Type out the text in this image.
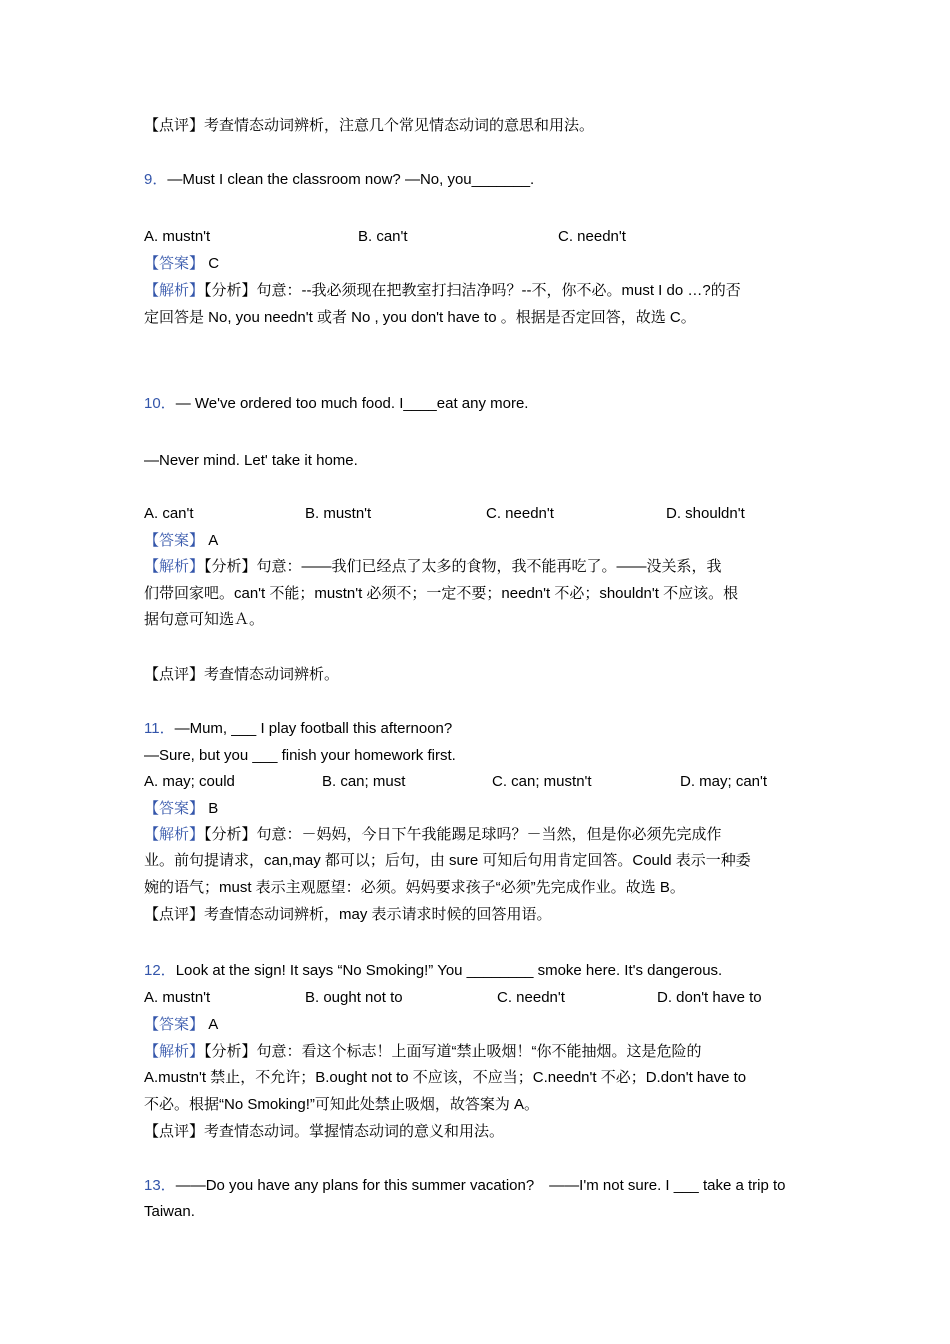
【点评】考查情态动词辨析，注意几个常见情态动词的意思和用法。
9．—Must I clean the classroom now? —No, you_______.
A. mustn't	B. can't	C. needn't
【答案】 C
【解析】【分析】句意：--我必须现在把教室打扫洁净吗？--不，你不必。must I do …?的否
定回答是 No, you needn't 或者 No , you don't have to 。根据是否定回答，故选 C。
10．— We've ordered too much food. I____eat any more.
—Never mind. Let' take it home.
A. can't	B. mustn't	C. needn't	D. shouldn't
【答案】 A
【解析】【分析】句意：——我们已经点了太多的食物，我不能再吃了。——没关系，我
们带回家吧。can't 不能；mustn't 必须不；一定不要；needn't 不必；shouldn't 不应该。根
据句意可知选Ａ。
【点评】考查情态动词辨析。
11．—Mum, ___ I play football this afternoon?
—Sure, but you ___ finish your homework first.
A. may; could	B. can; must	C. can; mustn't	D. may; can't
【答案】 B
【解析】【分析】句意：－妈妈，今日下午我能踢足球吗？－当然，但是你必须先完成作
业。前句提请求，can,may 都可以；后句，由 sure 可知后句用肯定回答。Could 表示一种委
婉的语气；must 表示主观愿望：必须。妈妈要求孩子“必须”先完成作业。故选 B。
【点评】考查情态动词辨析，may 表示请求时候的回答用语。
12．Look at the sign! It says “No Smoking!” You ________ smoke here. It's dangerous.
A. mustn't	B. ought not to	C. needn't	D. don't have to
【答案】 A
【解析】【分析】句意：看这个标志！上面写道“禁止吸烟！“你不能抽烟。这是危险的
A.mustn't 禁止，不允许；B.ought not to 不应该，不应当；C.needn't 不必；D.don't have to
不必。根据“No Smoking!”可知此处禁止吸烟，故答案为 A。
【点评】考查情态动词。掌握情态动词的意义和用法。
13．——Do you have any plans for this summer vacation?　——I'm not sure. I ___ take a trip to
Taiwan.
